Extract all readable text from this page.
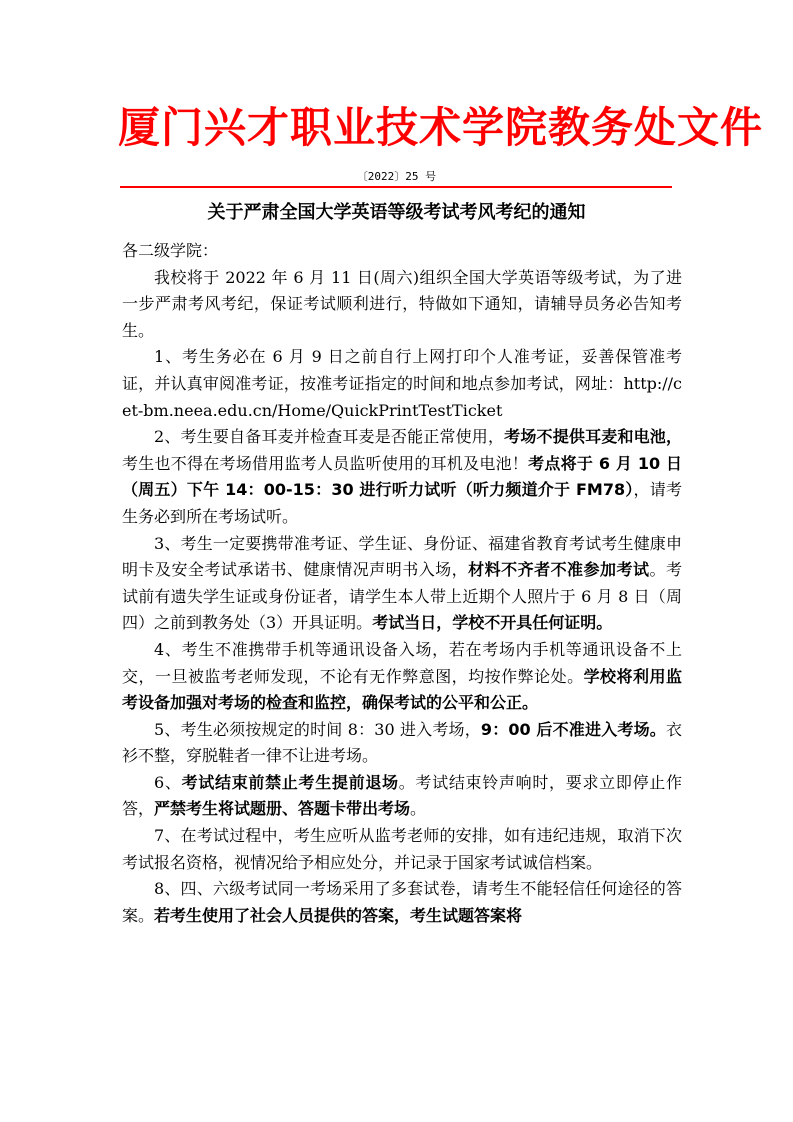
厦门兴才职业技术学院教务处文件
〔2022〕25 号
关于严肃全国大学英语等级考试考风考纪的通知

各二级学院：

我校将于 2022 年 6 月 11 日(周六)组织全国大学英语等级考试，为了进一步严肃考风考纪，保证考试顺利进行，特做如下通知，请辅导员务必告知考生。

1、考生务必在 6 月 9 日之前自行上网打印个人准考证，妥善保管准考证，并认真审阅准考证，按准考证指定的时间和地点参加考试，网址：http://cet-bm.neea.edu.cn/Home/QuickPrintTestTicket

2、考生要自备耳麦并检查耳麦是否能正常使用，考场不提供耳麦和电池，考生也不得在考场借用监考人员监听使用的耳机及电池！考点将于 6 月 10 日（周五）下午 14：00-15：30 进行听力试听（听力频道介于 FM78），请考生务必到所在考场试听。

3、考生一定要携带准考证、学生证、身份证、福建省教育考试考生健康申明卡及安全考试承诺书、健康情况声明书入场，材料不齐者不准参加考试。考试前有遗失学生证或身份证者，请学生本人带上近期个人照片于 6 月 8 日（周四）之前到教务处（3）开具证明。考试当日，学校不开具任何证明。

4、考生不准携带手机等通讯设备入场，若在考场内手机等通讯设备不上交，一旦被监考老师发现，不论有无作弊意图，均按作弊论处。学校将利用监考设备加强对考场的检查和监控，确保考试的公平和公正。

5、考生必须按规定的时间 8：30 进入考场，9：00 后不准进入考场。衣衫不整，穿脱鞋者一律不让进考场。

6、考试结束前禁止考生提前退场。考试结束铃声响时，要求立即停止作答，严禁考生将试题册、答题卡带出考场。

7、在考试过程中，考生应听从监考老师的安排，如有违纪违规，取消下次考试报名资格，视情况给予相应处分，并记录于国家考试诚信档案。

8、四、六级考试同一考场采用了多套试卷，请考生不能轻信任何途径的答案。若考生使用了社会人员提供的答案，考生试题答案将
